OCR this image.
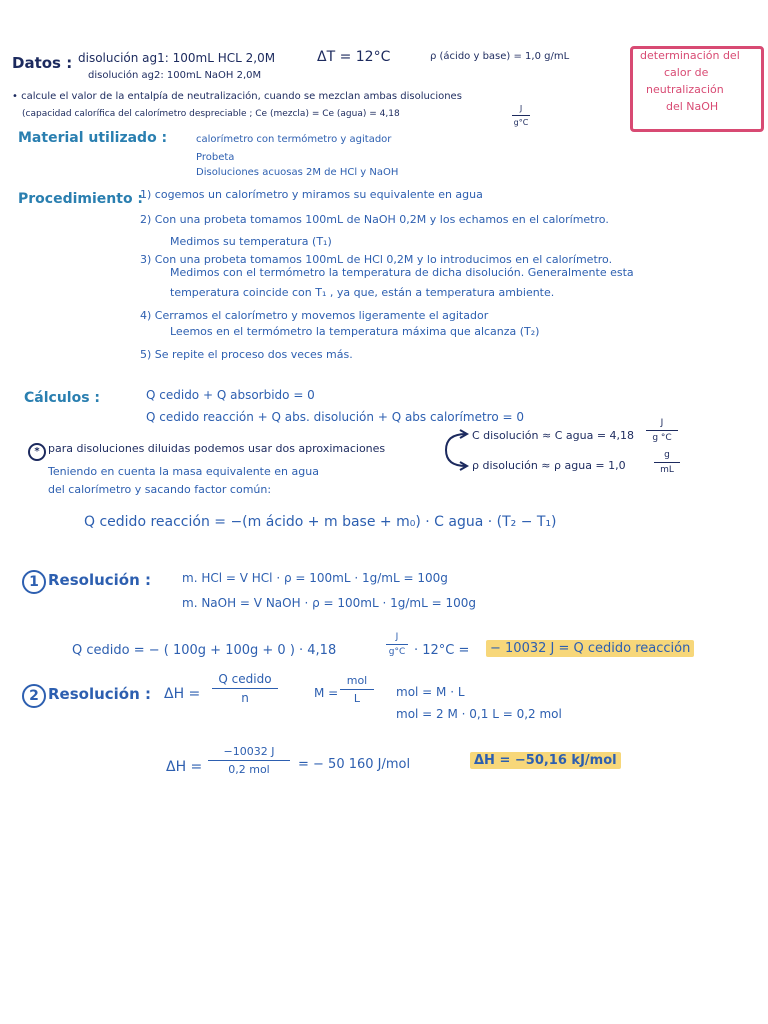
Datos : disolución ag1: 100mL HCL 2,0M
disolución ag2: 100mL NaOH 2,0M
ΔT = 12°C	ρ (ácido y base) = 1,0 g/mL	determinación del
calor de
neutralización
del NaOH
• calcule el valor de la entalpía de neutralización, cuando se mezclan ambas disoluciones
(capacidad calorífica del calorímetro despreciable ; Ce (mezcla) = Ce (agua) = 4,18
J
g°C
Material utilizado :	calorímetro con termómetro y agitador
Probeta
Disoluciones acuosas 2M de HCl y NaOH
Procedimiento :
1) cogemos un calorímetro y miramos su equivalente en agua
2) Con una probeta tomamos 100mL de NaOH 0,2M y los echamos en el calorímetro.
Medimos su temperatura (T₁)
3) Con una probeta tomamos 100mL de HCl 0,2M y lo introducimos en el calorímetro.
Medimos con el termómetro la temperatura de dicha disolución. Generalmente esta
temperatura coincide con T₁ , ya que, están a temperatura ambiente.
4) Cerramos el calorímetro y movemos ligeramente el agitador
Leemos en el termómetro la temperatura máxima que alcanza (T₂)
5) Se repite el proceso dos veces más.
Cálculos :	Q cedido + Q absorbido = 0
Q cedido reacción + Q abs. disolución + Q abs calorímetro = 0
* para disoluciones diluidas podemos usar dos aproximaciones
Teniendo en cuenta la masa equivalente en agua
del calorímetro y sacando factor común:
C disolución ≈ C agua = 4,18
J
g °C
ρ disolución ≈ ρ agua = 1,0
g
mL
Q cedido reacción = −(m ácido + m base + m₀) · C agua · (T₂ − T₁)
1 Resolución :	m. HCl = V HCl · ρ = 100mL · 1g/mL = 100g
m. NaOH = V NaOH · ρ = 100mL · 1g/mL = 100g
Q cedido = − ( 100g + 100g + 0 ) · 4,18
J
g°C · 12°C =	− 10032 J = Q cedido reacción
2 Resolución : ΔH =
Q cedido
n	M =
mol
L	mol = M · L
mol = 2 M · 0,1 L = 0,2 mol
ΔH =
−10032 J
0,2 mol	= − 50 160 J/mol	ΔH = −50,16 kJ/mol
